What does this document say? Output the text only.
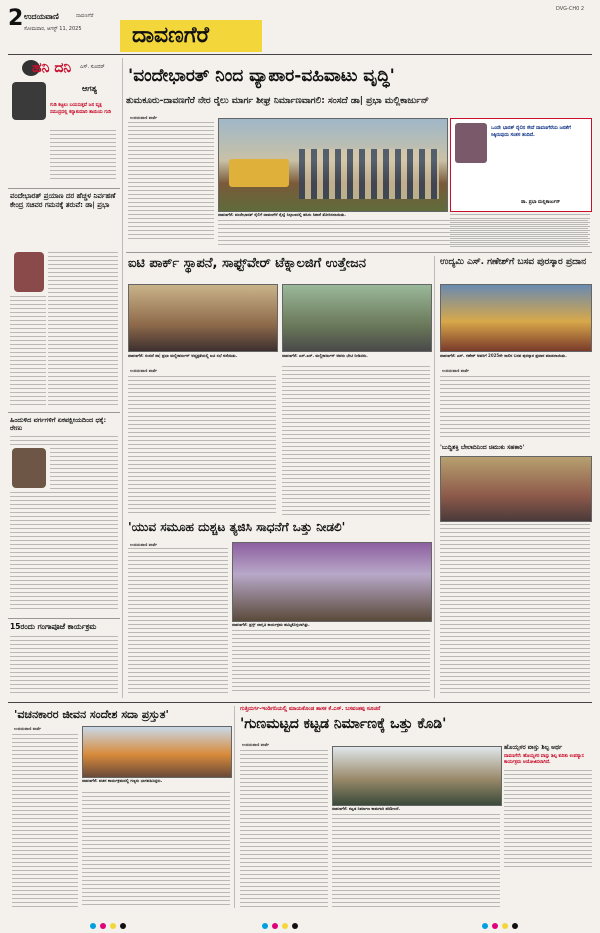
2 ಉದಯವಾಣಿ	ದಾವಣಗೆರೆ
ಸೋಮವಾರ, ಆಗಸ್ಟ್ 11, 2025	ದಾವಣಗೆರೆ
DVG-CH0 2
ಹನಿ ದನಿ ಎಸ್. ಸುಂದರ್
ಆಗತ್ಯ
ಗುಡಿ ಕಟ್ಟಲು ಬಯಸುತ್ತವೆ ಜನ ವೃಕ್ಷ ಸಮುದ್ರದಲ್ಲಿ ಕನ್ಯಾಕುಮಾರಿ ತಾಯಿಯ ಗುಡಿ
ವಂದೇಭಾರತ್ ಪ್ರಯಾಣ ದರ ಹೆಚ್ಚಳ ನಿರ್ವಹಣೆ ಕೇಂದ್ರ ಸಚಿವರ ಗಮನಕ್ಕೆ ತರುವೆ: ಡಾ| ಪ್ರಭಾ
ಹಿಂದುಳಿದ ವರ್ಗಗಳಿಗೆ ಏಕಪಕ್ಷೀಯದಿಂದ ಧಕ್ಕೆ: ರೇಣು
15ರಂದು ಗಂಗಾಪೂಜೆ ಕಾರ್ಯಕ್ರಮ
'ವಂದೇಭಾರತ್ ನಿಂದ ವ್ಯಾಪಾರ-ವಹಿವಾಟು ವೃದ್ಧಿ'
ತುಮಕೂರು-ದಾವಣಗೆರೆ ನೇರ ರೈಲು ಮಾರ್ಗ ಶೀಘ್ರ ನಿರ್ಮಾಣವಾಗಲಿ: ಸಂಸದೆ ಡಾ| ಪ್ರಭಾ ಮಲ್ಲಿಕಾರ್ಜುನ್
ಉದಯವಾಣಿ ವಾರ್ತೆ
ದಾವಣಗೆರೆ: ವಂದೇಭಾರತ್ ರೈಲಿಗೆ ದಾವಣಗೆರೆ ರೈಲ್ವೆ ನಿಲ್ದಾಣದಲ್ಲಿ ಹಸಿರು ನಿಶಾನೆ ತೋರಿಸಲಾಯಿತು.
ಒಂದೇ ಭಾರತ್ ರೈಲಿನ ಸೇವೆ ದಾವಣಗೆರೆಯ ಜನತೆಗೆ ಸಿಕ್ಕಿರುವುದು ಸಂತಸ ತಂದಿದೆ.
ಡಾ. ಪ್ರಭಾ ಮಲ್ಲಿಕಾರ್ಜುನ್
ಐಟಿ ಪಾರ್ಕ್ ಸ್ಥಾಪನೆ, ಸಾಫ್ಟ್‌ವೇರ್ ಟೆಕ್ನಾಲಜಿಗೆ ಉತ್ತೇಜನ
ದಾವಣಗೆರೆ: ಸಂಸದೆ ಡಾ| ಪ್ರಭಾ ಮಲ್ಲಿಕಾರ್ಜುನ್ ಅಧ್ಯಕ್ಷತೆಯಲ್ಲಿ ಐಟಿ ಸಭೆ ನಡೆಯಿತು.	ದಾವಣಗೆರೆ: ಎಸ್.ಎಸ್. ಮಲ್ಲಿಕಾರ್ಜುನ್ ಅವರು ಭೇಟಿ ನೀಡಿದರು.
ಉದಯವಾಣಿ ವಾರ್ತೆ
ಉದ್ಯಮಿ ಎಸ್. ಗಣೇಶ್‌ಗೆ ಬಸವ ಪುರಸ್ಕಾರ ಪ್ರದಾನ
ದಾವಣಗೆರೆ: ಎಸ್. ಗಣೇಶ್ ಅವರಿಗೆ 2025ನೇ ಸಾಲಿನ ಬಸವ ಪುರಸ್ಕಾರ ಪ್ರದಾನ ಮಾಡಲಾಯಿತು.
ಉದಯವಾಣಿ ವಾರ್ತೆ
'ಬುದ್ಧಿಶಕ್ತಿ ಬೇಲಾದಿನಿಂದ ಚಿಮುಕು ಸಹಕಾರಿ'
'ಯುವ ಸಮೂಹ ದುಶ್ಚಟ ತ್ಯಜಿಸಿ ಸಾಧನೆಗೆ ಒತ್ತು ನೀಡಲಿ'
ಉದಯವಾಣಿ ವಾರ್ತೆ
ದಾವಣಗೆರೆ: ಡ್ರಗ್ಸ್ ಜಾಗೃತಿ ಕಾರ್ಯಕ್ರಮ ಹಮ್ಮಿಕೊಳ್ಳಲಾಗಿತ್ತು.
'ವಚನಕಾರರ ಜೀವನ ಸಂದೇಶ ಸದಾ ಪ್ರಸ್ತುತ'
ಉದಯವಾಣಿ ವಾರ್ತೆ
ದಾವಣಗೆರೆ: ವಚನ ಕಾರ್ಯಕ್ರಮದಲ್ಲಿ ಗಣ್ಯರು ಭಾಗವಹಿಸಿದ್ದರು.
ಗುತ್ತಿದುರ್ಗ-ಇಂಡಿಗನಿಯಲ್ಲಿ ಮಾಯಕೊಂಡ ಶಾಸಕ ಕೆ.ಎಸ್. ಬಸವಂತಪ್ಪ ಸೂಚನೆ
'ಗುಣಮಟ್ಟದ ಕಟ್ಟಡ ನಿರ್ಮಾಣಕ್ಕೆ ಒತ್ತು ಕೊಡಿ'
ಉದಯವಾಣಿ ವಾರ್ತೆ
ದಾವಣಗೆರೆ: ಕಟ್ಟಡ ನಿರ್ಮಾಣ ಕಾಮಗಾರಿ ಪರಿಶೀಲನೆ.
ಹೊಯ್ಸಳರ ವಾಸ್ತು ಶಿಲ್ಪ ಅರ್ಥ
ದಾವಣಗೆರೆ: ಹೊಯ್ಸಳರ ವಾಸ್ತು ಶಿಲ್ಪ ಕುರಿತು ಉಪನ್ಯಾಸ ಕಾರ್ಯಕ್ರಮ ಆಯೋಜಿಸಲಾಗಿದೆ.
